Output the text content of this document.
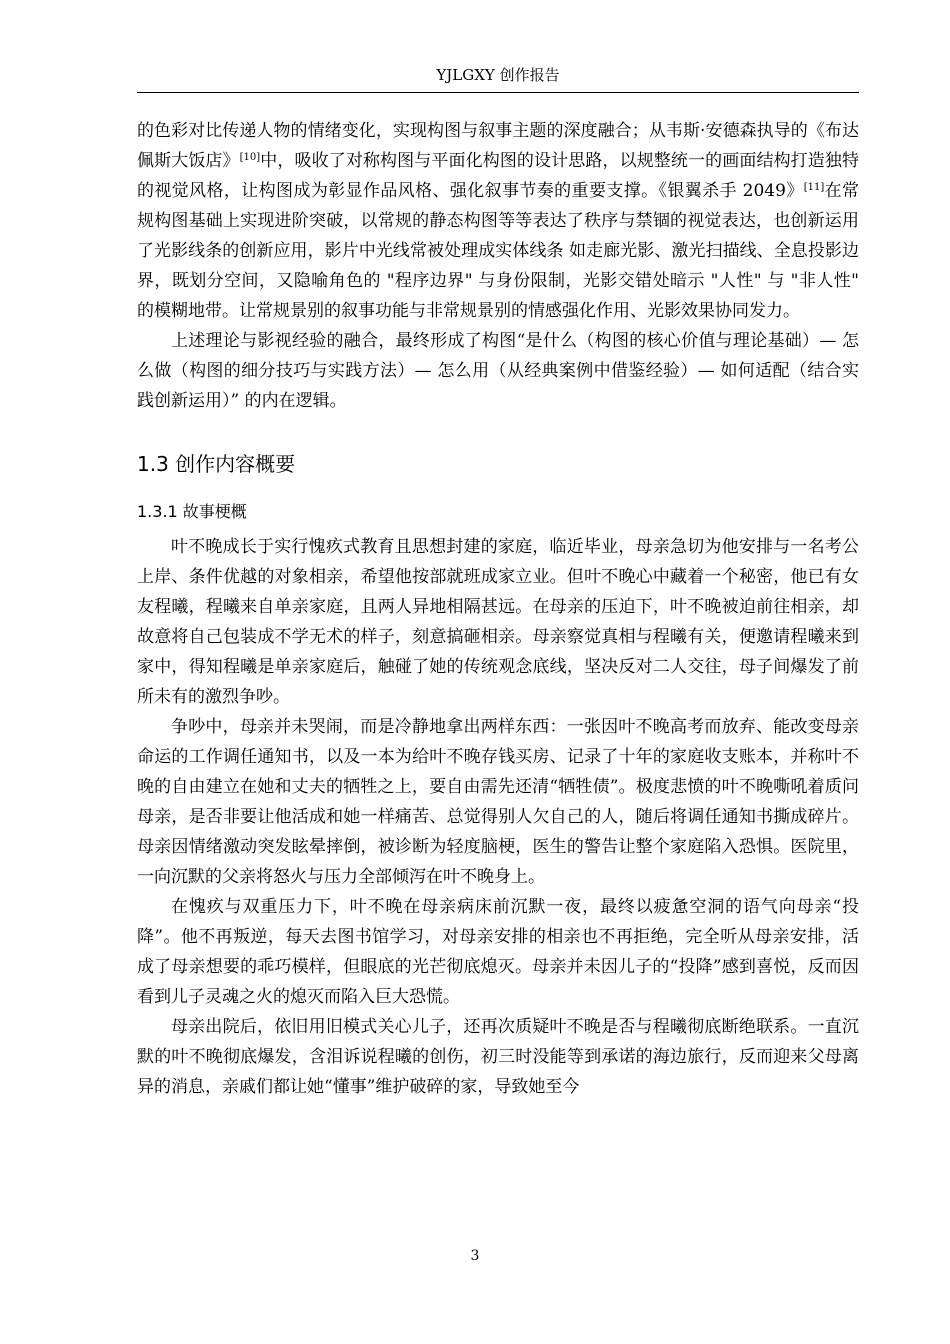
YJLGXY 创作报告

的色彩对比传递人物的情绪变化，实现构图与叙事主题的深度融合；从韦斯·安德森执导的《布达佩斯大饭店》[10]中，吸收了对称构图与平面化构图的设计思路，以规整统一的画面结构打造独特的视觉风格，让构图成为彰显作品风格、强化叙事节奏的重要支撑。《银翼杀手 2049》[11]在常规构图基础上实现进阶突破，以常规的静态构图等等表达了秩序与禁锢的视觉表达，也创新运用了光影线条的创新应用，影片中光线常被处理成实体线条 如走廊光影、激光扫描线、全息投影边界，既划分空间，又隐喻角色的 "程序边界" 与身份限制，光影交错处暗示 "人性" 与 "非人性" 的模糊地带。让常规景别的叙事功能与非常规景别的情感强化作用、光影效果协同发力。

上述理论与影视经验的融合，最终形成了构图“是什么（构图的核心价值与理论基础）— 怎么做（构图的细分技巧与实践方法）— 怎么用（从经典案例中借鉴经验）— 如何适配（结合实践创新运用）” 的内在逻辑。

1.3 创作内容概要
1.3.1 故事梗概

叶不晚成长于实行愧疚式教育且思想封建的家庭，临近毕业，母亲急切为他安排与一名考公上岸、条件优越的对象相亲，希望他按部就班成家立业。但叶不晚心中藏着一个秘密，他已有女友程曦，程曦来自单亲家庭，且两人异地相隔甚远。在母亲的压迫下，叶不晚被迫前往相亲，却故意将自己包装成不学无术的样子，刻意搞砸相亲。母亲察觉真相与程曦有关，便邀请程曦来到家中，得知程曦是单亲家庭后，触碰了她的传统观念底线，坚决反对二人交往，母子间爆发了前所未有的激烈争吵。

争吵中，母亲并未哭闹，而是冷静地拿出两样东西：一张因叶不晚高考而放弃、能改变母亲命运的工作调任通知书，以及一本为给叶不晚存钱买房、记录了十年的家庭收支账本，并称叶不晚的自由建立在她和丈夫的牺牲之上，要自由需先还清“牺牲债”。极度悲愤的叶不晚嘶吼着质问母亲，是否非要让他活成和她一样痛苦、总觉得别人欠自己的人，随后将调任通知书撕成碎片。母亲因情绪激动突发眩晕摔倒，被诊断为轻度脑梗，医生的警告让整个家庭陷入恐惧。医院里，一向沉默的父亲将怒火与压力全部倾泻在叶不晚身上。

在愧疚与双重压力下，叶不晚在母亲病床前沉默一夜，最终以疲惫空洞的语气向母亲“投降”。他不再叛逆，每天去图书馆学习，对母亲安排的相亲也不再拒绝，完全听从母亲安排，活成了母亲想要的乖巧模样，但眼底的光芒彻底熄灭。母亲并未因儿子的“投降”感到喜悦，反而因看到儿子灵魂之火的熄灭而陷入巨大恐慌。

母亲出院后，依旧用旧模式关心儿子，还再次质疑叶不晚是否与程曦彻底断绝联系。一直沉默的叶不晚彻底爆发，含泪诉说程曦的创伤，初三时没能等到承诺的海边旅行，反而迎来父母离异的消息，亲戚们都让她“懂事”维护破碎的家，导致她至今

3
